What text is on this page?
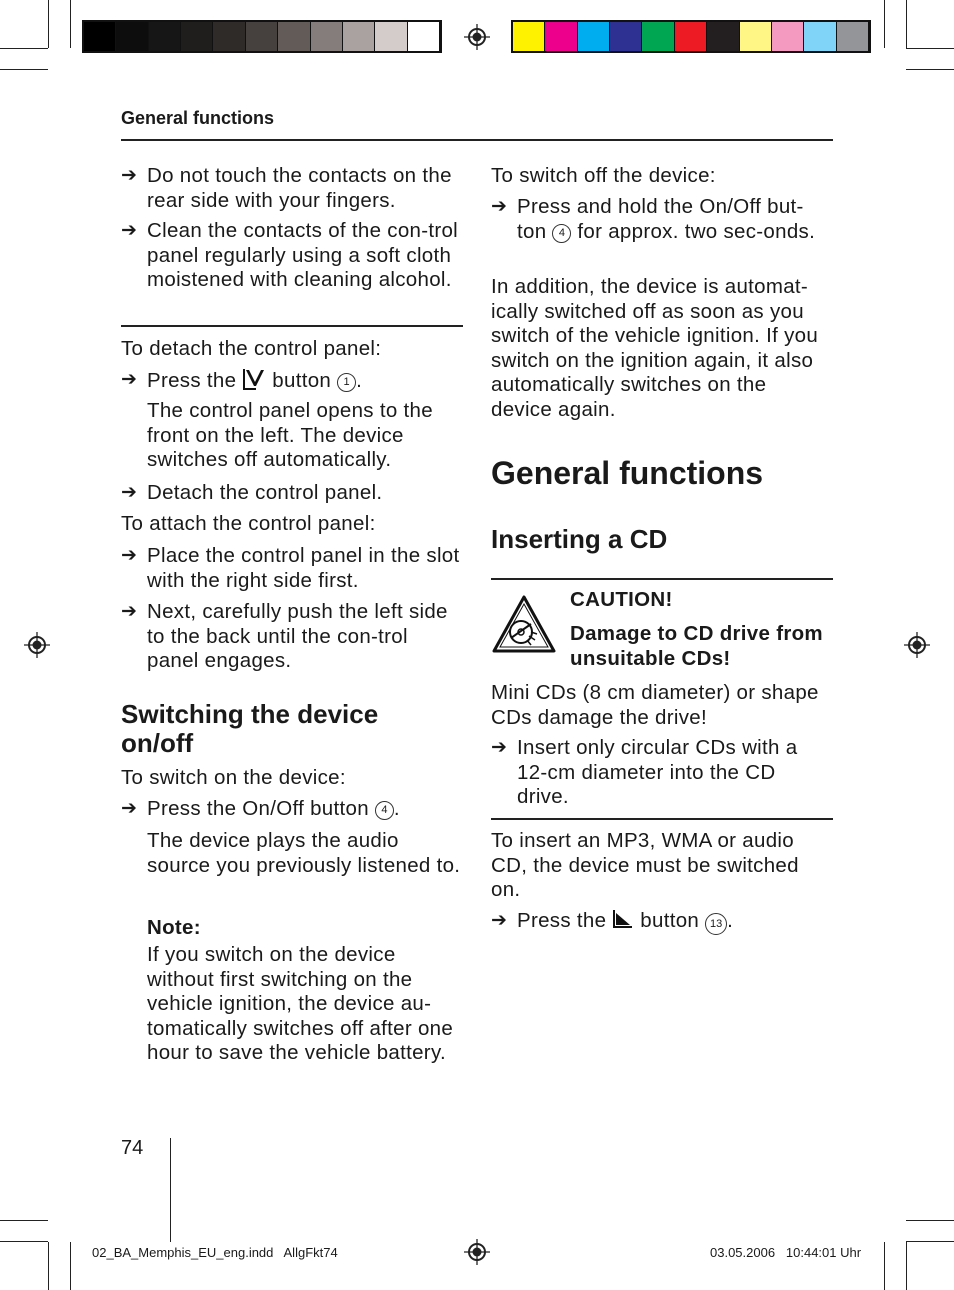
General functions
➔ Do not touch the contacts on the rear side with your fingers.
➔ Clean the contacts of the con-trol panel regularly using a soft cloth moistened with cleaning alcohol.
To detach the control panel:
➔ Press the button 1 .
The control panel opens to the front on the left. The device switches off automatically.
➔ Detach the control panel.
To attach the control panel:
➔ Place the control panel in the slot with the right side first.
➔ Next, carefully push the left side to the back until the con-trol panel engages.
Switching the device on/off
To switch on the device:
➔ Press the On/Off button 4 .
The device plays the audio source you previously listened to.
Note:
If you switch on the device without first switching on the vehicle ignition, the device au-tomatically switches off after one hour to save the vehicle battery.
To switch off the device:
➔ Press and hold the On/Off but-ton 4 for approx. two sec-onds.
In addition, the device is automat-ically switched off as soon as you switch of the vehicle ignition. If you switch on the ignition again, it also automatically switches on the device again.
General functions
Inserting a CD
CAUTION!
Damage to CD drive from unsuitable CDs!
Mini CDs (8 cm diameter) or shape CDs damage the drive!
➔ Insert only circular CDs with a 12-cm diameter into the CD drive.
To insert an MP3, WMA or audio CD, the device must be switched on.
➔ Press the button 13 .
74
02_BA_Memphis_EU_eng.indd   AllgFkt74	03.05.2006   10:44:01 Uhr
